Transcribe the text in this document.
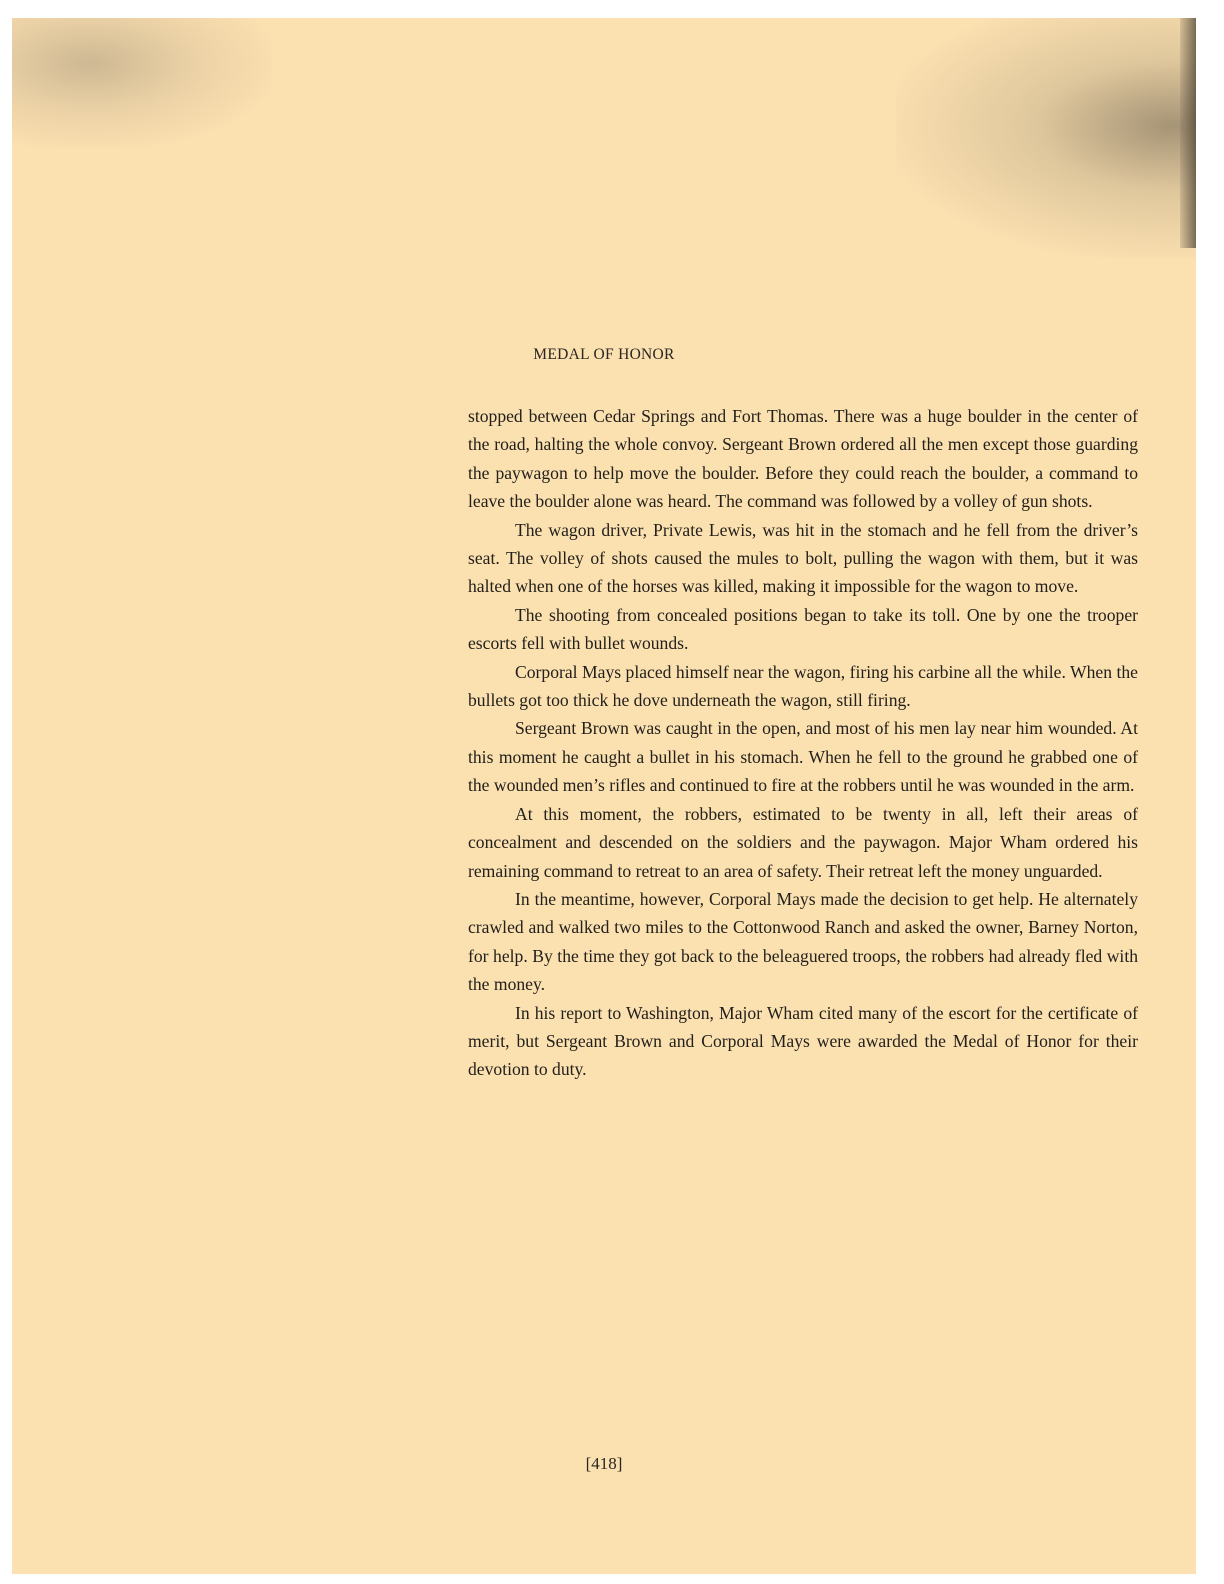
MEDAL OF HONOR

stopped between Cedar Springs and Fort Thomas. There was a huge boulder in the center of the road, halting the whole convoy. Sergeant Brown ordered all the men except those guarding the paywagon to help move the boulder. Before they could reach the boulder, a command to leave the boulder alone was heard. The command was followed by a volley of gun shots.

The wagon driver, Private Lewis, was hit in the stomach and he fell from the driver’s seat. The volley of shots caused the mules to bolt, pulling the wagon with them, but it was halted when one of the horses was killed, making it impossible for the wagon to move.

The shooting from concealed positions began to take its toll. One by one the trooper escorts fell with bullet wounds.

Corporal Mays placed himself near the wagon, firing his carbine all the while. When the bullets got too thick he dove underneath the wagon, still firing.

Sergeant Brown was caught in the open, and most of his men lay near him wounded. At this moment he caught a bullet in his stomach. When he fell to the ground he grabbed one of the wounded men’s rifles and continued to fire at the robbers until he was wounded in the arm.

At this moment, the robbers, estimated to be twenty in all, left their areas of concealment and descended on the soldiers and the paywagon. Major Wham ordered his remaining command to retreat to an area of safety. Their retreat left the money unguarded.

In the meantime, however, Corporal Mays made the decision to get help. He alternately crawled and walked two miles to the Cottonwood Ranch and asked the owner, Barney Norton, for help. By the time they got back to the beleaguered troops, the robbers had already fled with the money.

In his report to Washington, Major Wham cited many of the escort for the certificate of merit, but Sergeant Brown and Corporal Mays were awarded the Medal of Honor for their devotion to duty.

[418]
